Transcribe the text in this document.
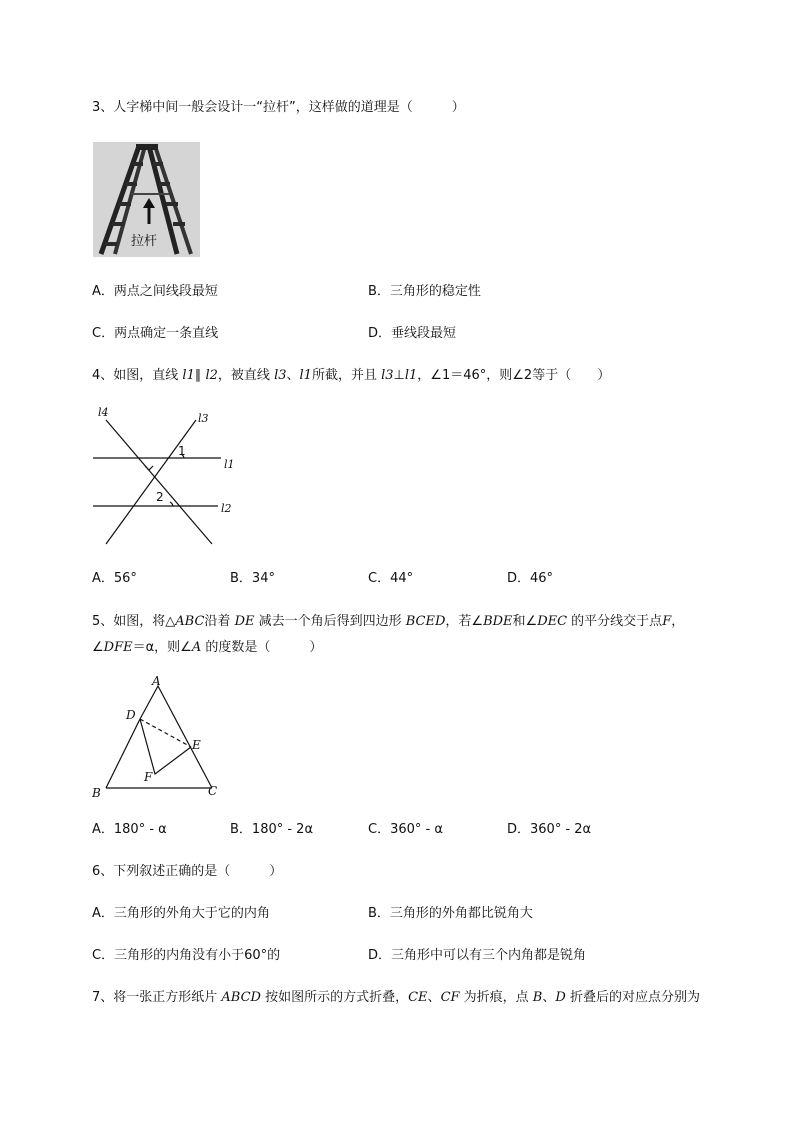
3、人字梯中间一般会设计一“拉杆”，这样做的道理是（　　　）
拉杆
A．两点之间线段最短	B．三角形的稳定性
C．两点确定一条直线	D．垂线段最短
4、如图，直线 l1∥ l2，被直线 l3、l1所截，并且 l3⊥l1，∠1＝46°，则∠2等于（　　）
l4	l3
l1
l2
1
2
A．56°	B．34°	C．44°	D．46°
5、如图，将△ABC沿着 DE 减去一个角后得到四边形 BCED，若∠BDE和∠DEC 的平分线交于点F，
∠DFE＝α，则∠A 的度数是（　　　）
A
D
E
F
B	C
A．180° ‐ α	B．180° ‐ 2α	C．360° ‐ α	D．360° ‐ 2α
6、下列叙述正确的是（　　　）
A．三角形的外角大于它的内角	B．三角形的外角都比锐角大
C．三角形的内角没有小于60°的	D．三角形中可以有三个内角都是锐角
7、将一张正方形纸片 ABCD 按如图所示的方式折叠，CE、CF 为折痕，点 B、D 折叠后的对应点分别为
